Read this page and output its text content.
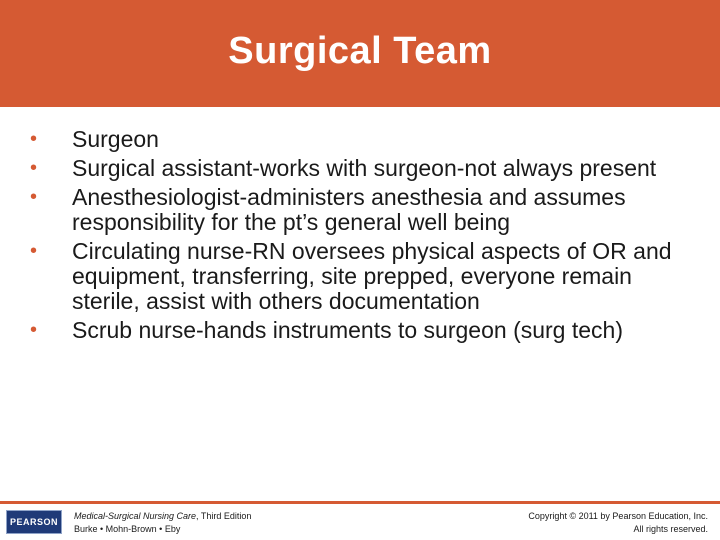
Surgical Team
•	Surgeon
•	Surgical assistant-works with surgeon-not always present
•	Anesthesiologist-administers anesthesia and assumes responsibility for the pt’s general well being
•	Circulating nurse-RN oversees physical aspects of OR and equipment, transferring, site prepped, everyone remain sterile, assist with others documentation
•	Scrub nurse-hands instruments to surgeon (surg tech)
PEARSON
Medical-Surgical Nursing Care, Third Edition
Burke • Mohn-Brown • Eby
Copyright © 2011 by Pearson Education, Inc.
All rights reserved.
